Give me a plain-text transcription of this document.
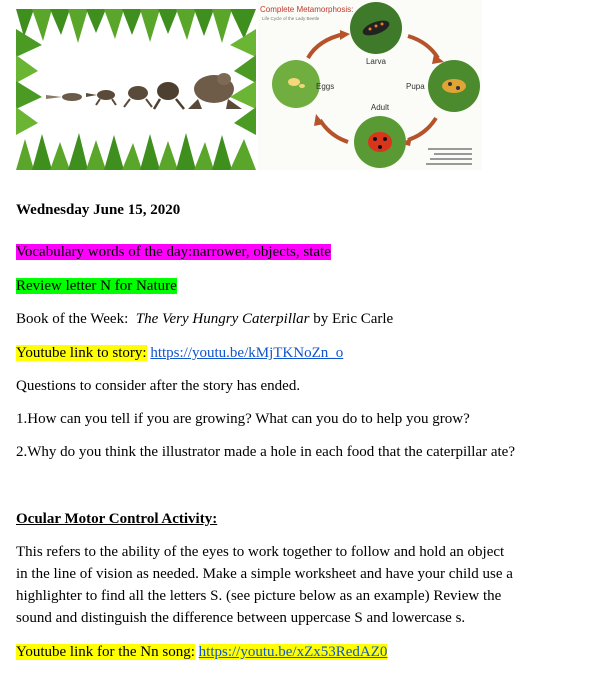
Complete Metamorphosis:
Life Cycle of the Lady Beetle
Larva
Eggs	Pupa
Adult
Wednesday June 15, 2020
Vocabulary words of the day:narrower, objects, state
Review letter N for Nature
Book of the Week:  The Very Hungry Caterpillar by Eric Carle
Youtube link to story: https://youtu.be/kMjTKNoZn_o
Questions to consider after the story has ended.
1.How can you tell if you are growing? What can you do to help you grow?
2.Why do you think the illustrator made a hole in each food that the caterpillar ate?
Ocular Motor Control Activity:
This refers to the ability of the eyes to work together to follow and hold an object
in the line of vision as needed. Make a simple worksheet and have your child use a
highlighter to find all the letters S. (see picture below as an example) Review the
sound and distinguish the difference between uppercase S and lowercase s.
Youtube link for the Nn song: https://youtu.be/xZx53RedAZ0
